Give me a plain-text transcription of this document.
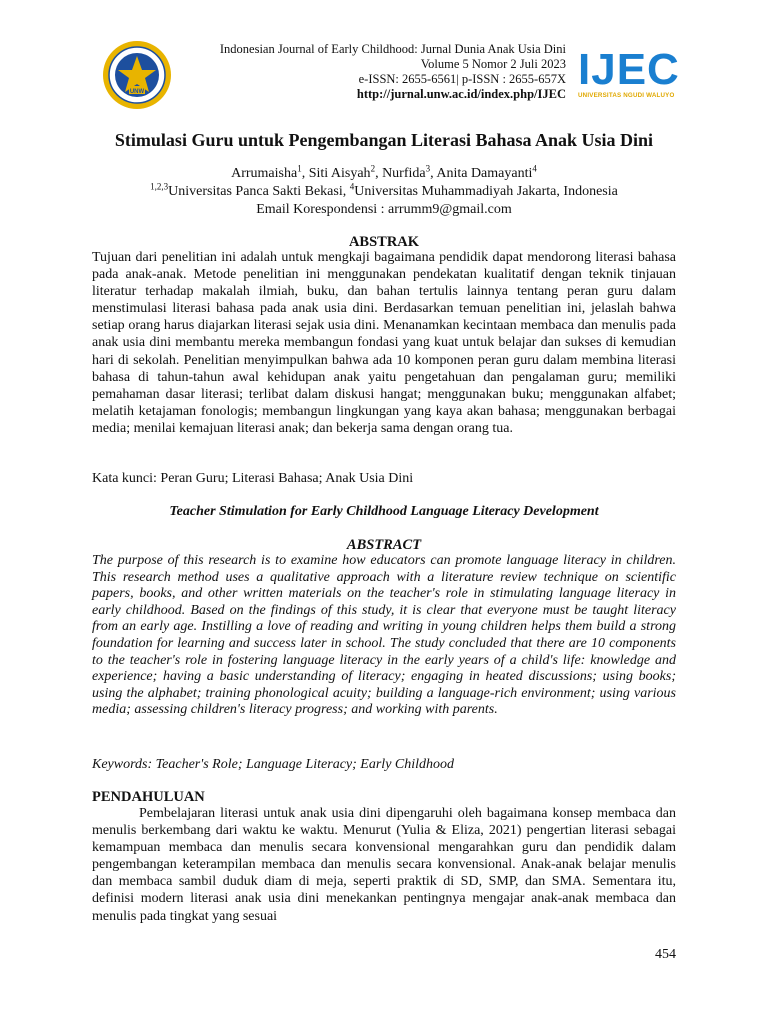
UNW
Indonesian Journal of Early Childhood: Jurnal Dunia Anak Usia Dini
Volume 5 Nomor 2 Juli 2023
e-ISSN: 2655-6561| p-ISSN : 2655-657X
http://jurnal.unw.ac.id/index.php/IJEC IJEC
UNIVERSITAS NGUDI WALUYO
Stimulasi Guru untuk Pengembangan Literasi Bahasa Anak Usia Dini
Arrumaisha$^1$, Siti Aisyah$^2$, Nurfida$^3$, Anita Damayanti$^4$
$^{1,2,3}$Universitas Panca Sakti Bekasi, $^4$Universitas Muhammadiyah Jakarta, Indonesia
Email Korespondensi : arrumm9@gmail.com
ABSTRAK
Tujuan dari penelitian ini adalah untuk mengkaji bagaimana pendidik dapat mendorong literasi bahasa pada anak-anak. Metode penelitian ini menggunakan pendekatan kualitatif dengan teknik tinjauan literatur terhadap makalah ilmiah, buku, dan bahan tertulis lainnya tentang peran guru dalam menstimulasi literasi bahasa pada anak usia dini. Berdasarkan temuan penelitian ini, jelaslah bahwa setiap orang harus diajarkan literasi sejak usia dini. Menanamkan kecintaan membaca dan menulis pada anak usia dini membantu mereka membangun fondasi yang kuat untuk belajar dan sukses di kemudian hari di sekolah. Penelitian menyimpulkan bahwa ada 10 komponen peran guru dalam membina literasi bahasa di tahun-tahun awal kehidupan anak yaitu pengetahuan dan pengalaman guru; memiliki pemahaman dasar literasi; terlibat dalam diskusi hangat; menggunakan buku; menggunakan alfabet; melatih ketajaman fonologis; membangun lingkungan yang kaya akan bahasa; menggunakan berbagai media; menilai kemajuan literasi anak; dan bekerja sama dengan orang tua.
Kata kunci: Peran Guru; Literasi Bahasa; Anak Usia Dini
Teacher Stimulation for Early Childhood Language Literacy Development
ABSTRACT
The purpose of this research is to examine how educators can promote language literacy in children. This research method uses a qualitative approach with a literature review technique on scientific papers, books, and other written materials on the teacher's role in stimulating language literacy in early childhood. Based on the findings of this study, it is clear that everyone must be taught literacy from an early age. Instilling a love of reading and writing in young children helps them build a strong foundation for learning and success later in school. The study concluded that there are 10 components to the teacher's role in fostering language literacy in the early years of a child's life: knowledge and experience; having a basic understanding of literacy; engaging in heated discussions; using books; using the alphabet; training phonological acuity; building a language-rich environment; using various media; assessing children's literacy progress; and working with parents.
Keywords: Teacher's Role; Language Literacy; Early Childhood
PENDAHULUAN
Pembelajaran literasi untuk anak usia dini dipengaruhi oleh bagaimana konsep membaca dan menulis berkembang dari waktu ke waktu. Menurut (Yulia & Eliza, 2021) pengertian literasi sebagai kemampuan membaca dan menulis secara konvensional mengarahkan guru dan pendidik dalam pengembangan keterampilan membaca dan menulis secara konvensional. Anak-anak belajar menulis dan membaca sambil duduk diam di meja, seperti praktik di SD, SMP, dan SMA. Sementara itu, definisi modern literasi anak usia dini menekankan pentingnya mengajar anak-anak membaca dan menulis pada tingkat yang sesuai
454
